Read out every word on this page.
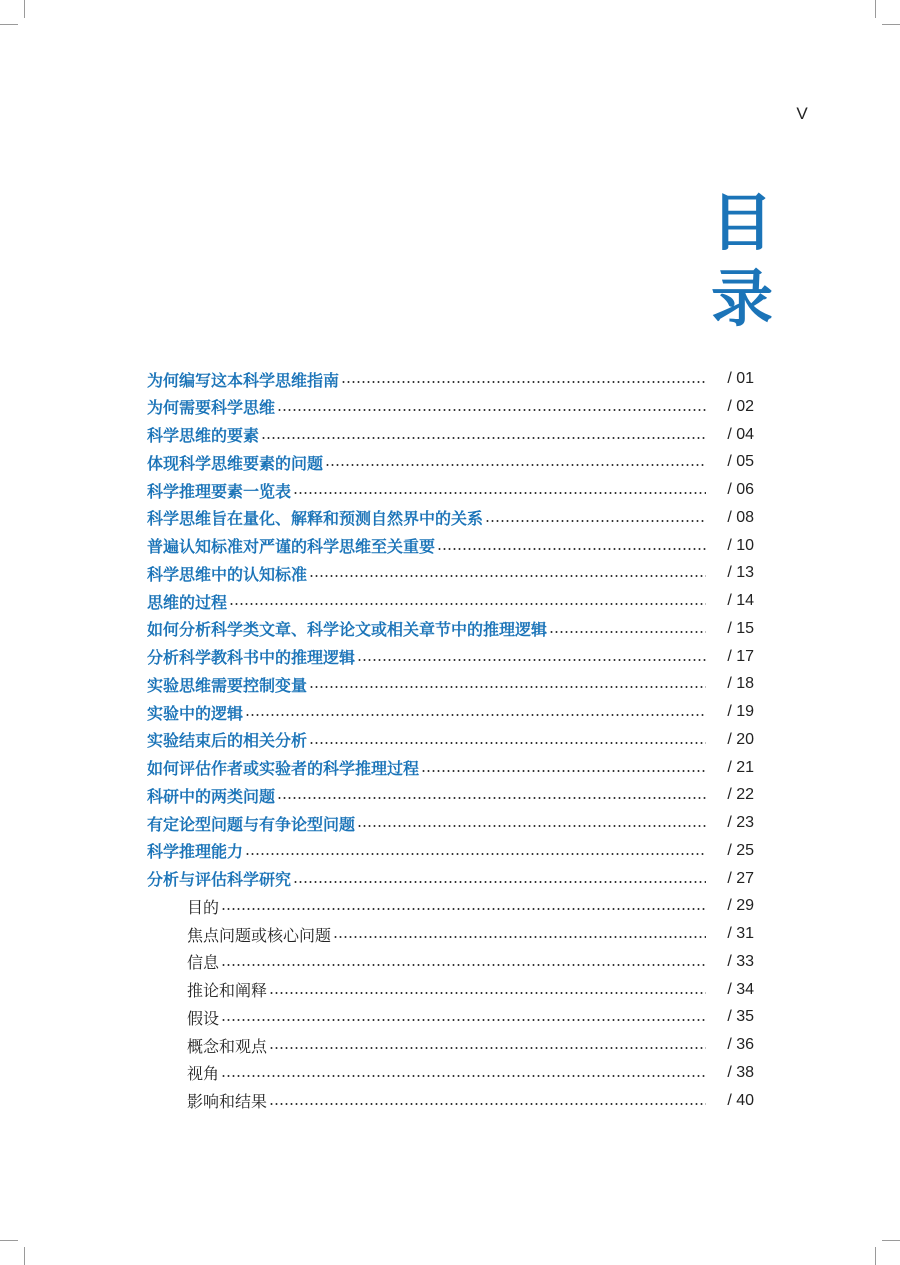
V
目
录
为何编写这本科学思维指南	/ 01
为何需要科学思维	/ 02
科学思维的要素	/ 04
体现科学思维要素的问题	/ 05
科学推理要素一览表	/ 06
科学思维旨在量化、解释和预测自然界中的关系	/ 08
普遍认知标准对严谨的科学思维至关重要	/ 10
科学思维中的认知标准	/ 13
思维的过程	/ 14
如何分析科学类文章、科学论文或相关章节中的推理逻辑	/ 15
分析科学教科书中的推理逻辑	/ 17
实验思维需要控制变量	/ 18
实验中的逻辑	/ 19
实验结束后的相关分析	/ 20
如何评估作者或实验者的科学推理过程	/ 21
科研中的两类问题	/ 22
有定论型问题与有争论型问题	/ 23
科学推理能力	/ 25
分析与评估科学研究	/ 27
目的	/ 29
焦点问题或核心问题	/ 31
信息	/ 33
推论和阐释	/ 34
假设	/ 35
概念和观点	/ 36
视角	/ 38
影响和结果	/ 40
